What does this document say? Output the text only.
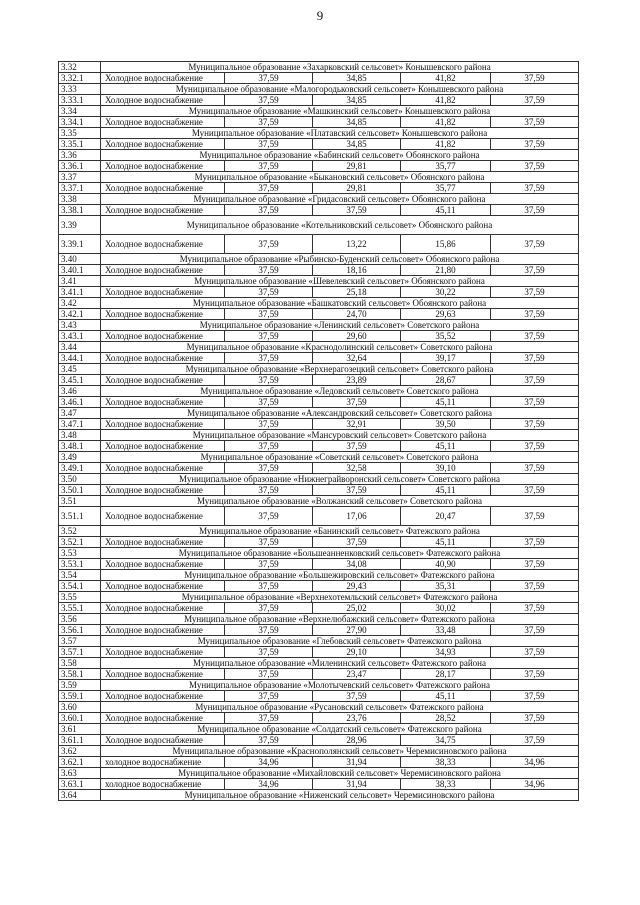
9
3.32	Муниципальное образование «Захарковский сельсовет» Конышевского района				
3.32.1	Холодное водоснабжение	37,59	34,85	41,82	37,59
3.33	Муниципальное образование «Малогородьковский сельсовет» Конышевского района				
3.33.1	Холодное водоснабжение	37,59	34,85	41,82	37,59
3.34	Муниципальное образование «Машкинский сельсовет» Конышевского района				
3.34.1	Холодное водоснабжение	37,59	34,85	41,82	37,59
3.35	Муниципальное образование «Платавский сельсовет» Конышевского района				
3.35.1	Холодное водоснабжение	37,59	34,85	41,82	37,59
3.36	Муниципальное образование «Бабинский сельсовет» Обоянского района				
3.36.1	Холодное водоснабжение	37,59	29,81	35,77	37,59
3.37	Муниципальное образование «Быкановский сельсовет» Обоянского района				
3.37.1	Холодное водоснабжение	37,59	29,81	35,77	37,59
3.38	Муниципальное образование «Гридасовский сельсовет» Обоянского района				
3.38.1	Холодное водоснабжение	37,59	37,59	45,11	37,59
3.39	Муниципальное образование «Котельниковский сельсовет» Обоянского района				
3.39.1	Холодное водоснабжение	37,59	13,22	15,86	37,59
3.40	Муниципальное образование «Рыбинско-Буденский сельсовет» Обоянского района				
3.40.1	Холодное водоснабжение	37,59	18,16	21,80	37,59
3.41	Муниципальное образование «Шевелевский сельсовет» Обоянского района				
3.41.1	Холодное водоснабжение	37,59	25,18	30,22	37,59
3.42	Муниципальное образование «Башкатовский сельсовет» Обоянского района				
3.42.1	Холодное водоснабжение	37,59	24,70	29,63	37,59
3.43	Муниципальное образование «Ленинский сельсовет» Советского района				
3.43.1	Холодное водоснабжение	37,59	29,60	35,52	37,59
3.44	Муниципальное образование «Краснодолинский сельсовет» Советского района				
3.44.1	Холодное водоснабжение	37,59	32,64	39,17	37,59
3.45	Муниципальное образование «Верхнерагозецкий сельсовет» Советского района				
3.45.1	Холодное водоснабжение	37,59	23,89	28,67	37,59
3.46	Муниципальное образование «Ледовский сельсовет» Советского района				
3.46.1	Холодное водоснабжение	37,59	37,59	45,11	37,59
3.47	Муниципальное образование «Александровский сельсовет» Советского района				
3.47.1	Холодное водоснабжение	37,59	32,91	39,50	37,59
3.48	Муниципальное образование «Мансуровский сельсовет» Советского района				
3.48.1	Холодное водоснабжение	37,59	37,59	45,11	37,59
3.49	Муниципальное образование «Советский сельсовет» Советского района				
3.49.1	Холодное водоснабжение	37,59	32,58	39,10	37,59
3.50	Муниципальное образование «Нижнеграйворонский сельсовет» Советского района				
3.50.1	Холодное водоснабжение	37,59	37,59	45,11	37,59
3.51	Муниципальное образование «Волжанский сельсовет» Советского района				
3.51.1	Холодное водоснабжение	37,59	17,06	20,47	37,59
3.52	Муниципальное образование «Банинский сельсовет» Фатежского района				
3.52.1	Холодное водоснабжение	37,59	37,59	45,11	37,59
3.53	Муниципальное образование «Большеанненковский сельсовет» Фатежского района				
3.53.1	Холодное водоснабжение	37,59	34,08	40,90	37,59
3.54	Муниципальное образование «Большежировский сельсовет» Фатежского района				
3.54.1	Холодное водоснабжение	37,59	29,43	35,31	37,59
3.55	Муниципальное образование «Верхнехотемльский сельсовет» Фатежского района				
3.55.1	Холодное водоснабжение	37,59	25,02	30,02	37,59
3.56	Муниципальное образование «Верхнелюбажский сельсовет» Фатежского района				
3.56.1	Холодное водоснабжение	37,59	27,90	33,48	37,59
3.57	Муниципальное образование «Глебовский сельсовет» Фатежского района				
3.57.1	Холодное водоснабжение	37,59	29,10	34,93	37,59
3.58	Муниципальное образование «Миленинский сельсовет» Фатежского района				
3.58.1	Холодное водоснабжение	37,59	23,47	28,17	37,59
3.59	Муниципальное образование «Молотычевский сельсовет» Фатежского района				
3.59.1	Холодное водоснабжение	37,59	37,59	45,11	37,59
3.60	Муниципальное образование «Русановский сельсовет» Фатежского района				
3.60.1	Холодное водоснабжение	37,59	23,76	28,52	37,59
3.61	Муниципальное образование «Солдатский сельсовет» Фатежского района				
3.61.1	Холодное водоснабжение	37,59	28,96	34,75	37,59
3.62	Муниципальное образование «Краснополянский сельсовет» Черемисиновского района				
3.62.1	холодное водоснабжение	34,96	31,94	38,33	34,96
3.63	Муниципальное образование «Михайловский сельсовет» Черемисиновского района				
3.63.1	холодное водоснабжение	34,96	31,94	38,33	34,96
3.64	Муниципальное образование «Ниженский сельсовет» Черемисиновского района				
